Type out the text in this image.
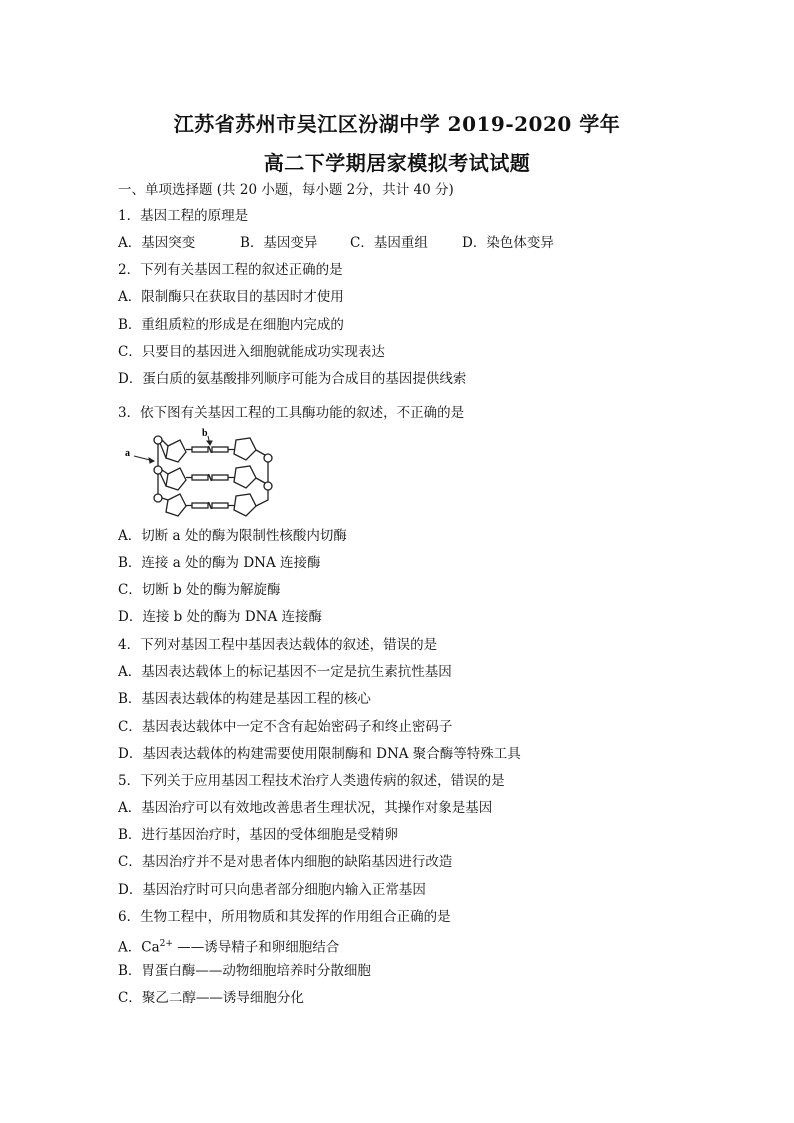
江苏省苏州市吴江区汾湖中学 2019-2020 学年
高二下学期居家模拟考试试题
一、单项选择题 (共 20 小题，每小题 2分，共计 40 分)
1．基因工程的原理是
A．基因突变	B．基因变异 C．基因重组	D．染色体变异
2．下列有关基因工程的叙述正确的是
A．限制酶只在获取目的基因时才使用
B．重组质粒的形成是在细胞内完成的
C．只要目的基因进入细胞就能成功实现表达
D．蛋白质的氨基酸排列顺序可能为合成目的基因提供线索
3．依下图有关基因工程的工具酶功能的叙述，不正确的是
a
b
A．切断 a 处的酶为限制性核酸内切酶
B．连接 a 处的酶为 DNA 连接酶
C．切断 b 处的酶为解旋酶
D．连接 b 处的酶为 DNA 连接酶
4．下列对基因工程中基因表达载体的叙述，错误的是
A．基因表达载体上的标记基因不一定是抗生素抗性基因
B．基因表达载体的构建是基因工程的核心
C．基因表达载体中一定不含有起始密码子和终止密码子
D．基因表达载体的构建需要使用限制酶和 DNA 聚合酶等特殊工具
5．下列关于应用基因工程技术治疗人类遗传病的叙述，错误的是
A．基因治疗可以有效地改善患者生理状况，其操作对象是基因
B．进行基因治疗时，基因的受体细胞是受精卵
C．基因治疗并不是对患者体内细胞的缺陷基因进行改造
D．基因治疗时可只向患者部分细胞内输入正常基因
6．生物工程中，所用物质和其发挥的作用组合正确的是
A．$Ca^{2+}$ ——诱导精子和卵细胞结合
B．胃蛋白酶——动物细胞培养时分散细胞
C．聚乙二醇——诱导细胞分化
